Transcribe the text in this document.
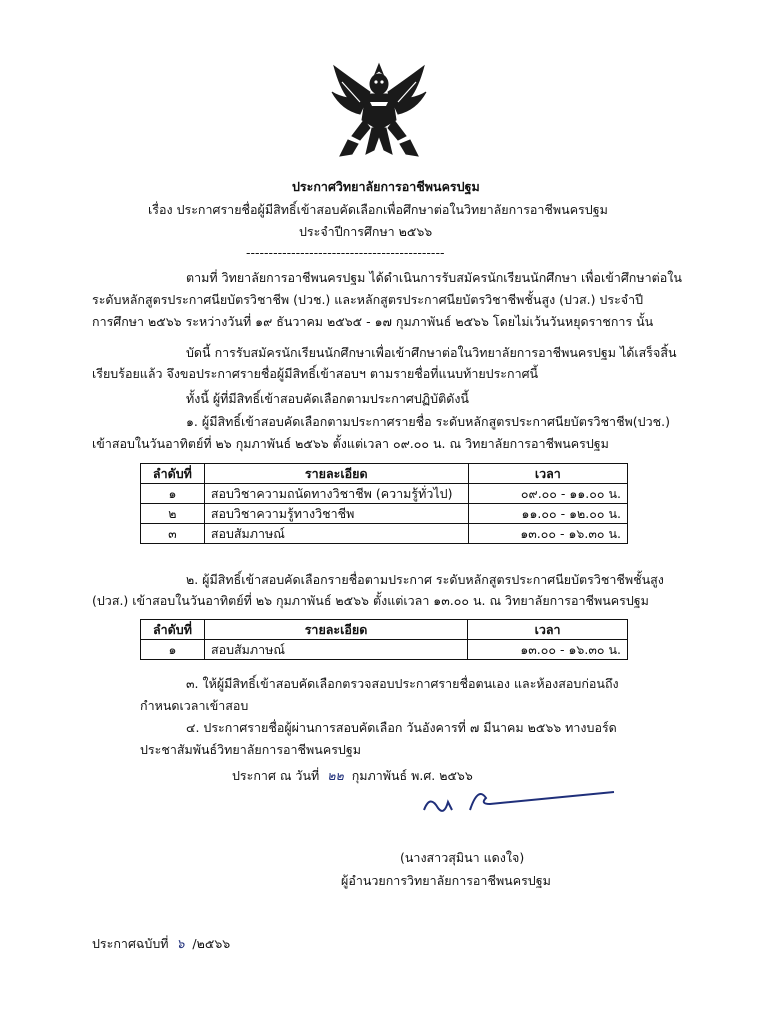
ประกาศวิทยาลัยการอาชีพนครปฐม
เรื่อง ประกาศรายชื่อผู้มีสิทธิ์เข้าสอบคัดเลือกเพื่อศึกษาต่อในวิทยาลัยการอาชีพนครปฐม
ประจำปีการศึกษา ๒๕๖๖
--------------------------------------------
ตามที่ วิทยาลัยการอาชีพนครปฐม ได้ดำเนินการรับสมัครนักเรียนนักศึกษา เพื่อเข้าศึกษาต่อใน
ระดับหลักสูตรประกาศนียบัตรวิชาชีพ (ปวช.) และหลักสูตรประกาศนียบัตรวิชาชีพชั้นสูง (ปวส.) ประจำปี
การศึกษา ๒๕๖๖ ระหว่างวันที่ ๑๙ ธันวาคม ๒๕๖๕ - ๑๗ กุมภาพันธ์ ๒๕๖๖ โดยไม่เว้นวันหยุดราชการ นั้น
บัดนี้ การรับสมัครนักเรียนนักศึกษาเพื่อเข้าศึกษาต่อในวิทยาลัยการอาชีพนครปฐม ได้เสร็จสิ้น
เรียบร้อยแล้ว จึงขอประกาศรายชื่อผู้มีสิทธิ์เข้าสอบฯ ตามรายชื่อที่แนบท้ายประกาศนี้
ทั้งนี้ ผู้ที่มีสิทธิ์เข้าสอบคัดเลือกตามประกาศปฏิบัติดังนี้
๑. ผู้มีสิทธิ์เข้าสอบคัดเลือกตามประกาศรายชื่อ ระดับหลักสูตรประกาศนียบัตรวิชาชีพ(ปวช.)
เข้าสอบในวันอาทิตย์ที่ ๒๖ กุมภาพันธ์ ๒๕๖๖ ตั้งแต่เวลา ๐๙.๐๐ น. ณ วิทยาลัยการอาชีพนครปฐม
ลำดับที่	รายละเอียด	เวลา
๑	สอบวิชาความถนัดทางวิชาชีพ (ความรู้ทั่วไป)	๐๙.๐๐ - ๑๑.๐๐ น.
๒	สอบวิชาความรู้ทางวิชาชีพ	๑๑.๐๐ - ๑๒.๐๐ น.
๓	สอบสัมภาษณ์	๑๓.๐๐ - ๑๖.๓๐ น.
๒. ผู้มีสิทธิ์เข้าสอบคัดเลือกรายชื่อตามประกาศ ระดับหลักสูตรประกาศนียบัตรวิชาชีพชั้นสูง
(ปวส.) เข้าสอบในวันอาทิตย์ที่ ๒๖ กุมภาพันธ์ ๒๕๖๖ ตั้งแต่เวลา ๑๓.๐๐ น. ณ วิทยาลัยการอาชีพนครปฐม
ลำดับที่	รายละเอียด	เวลา
๑	สอบสัมภาษณ์	๑๓.๐๐ - ๑๖.๓๐ น.
๓. ให้ผู้มีสิทธิ์เข้าสอบคัดเลือกตรวจสอบประกาศรายชื่อตนเอง และห้องสอบก่อนถึง
กำหนดเวลาเข้าสอบ
๔. ประกาศรายชื่อผู้ผ่านการสอบคัดเลือก วันอังคารที่ ๗ มีนาคม ๒๕๖๖ ทางบอร์ด
ประชาสัมพันธ์วิทยาลัยการอาชีพนครปฐม
ประกาศ ณ วันที่ ๒๒ กุมภาพันธ์ พ.ศ. ๒๕๖๖
(นางสาวสุมินา แดงใจ)
ผู้อำนวยการวิทยาลัยการอาชีพนครปฐม
ประกาศฉบับที่ ๖ /๒๕๖๖
